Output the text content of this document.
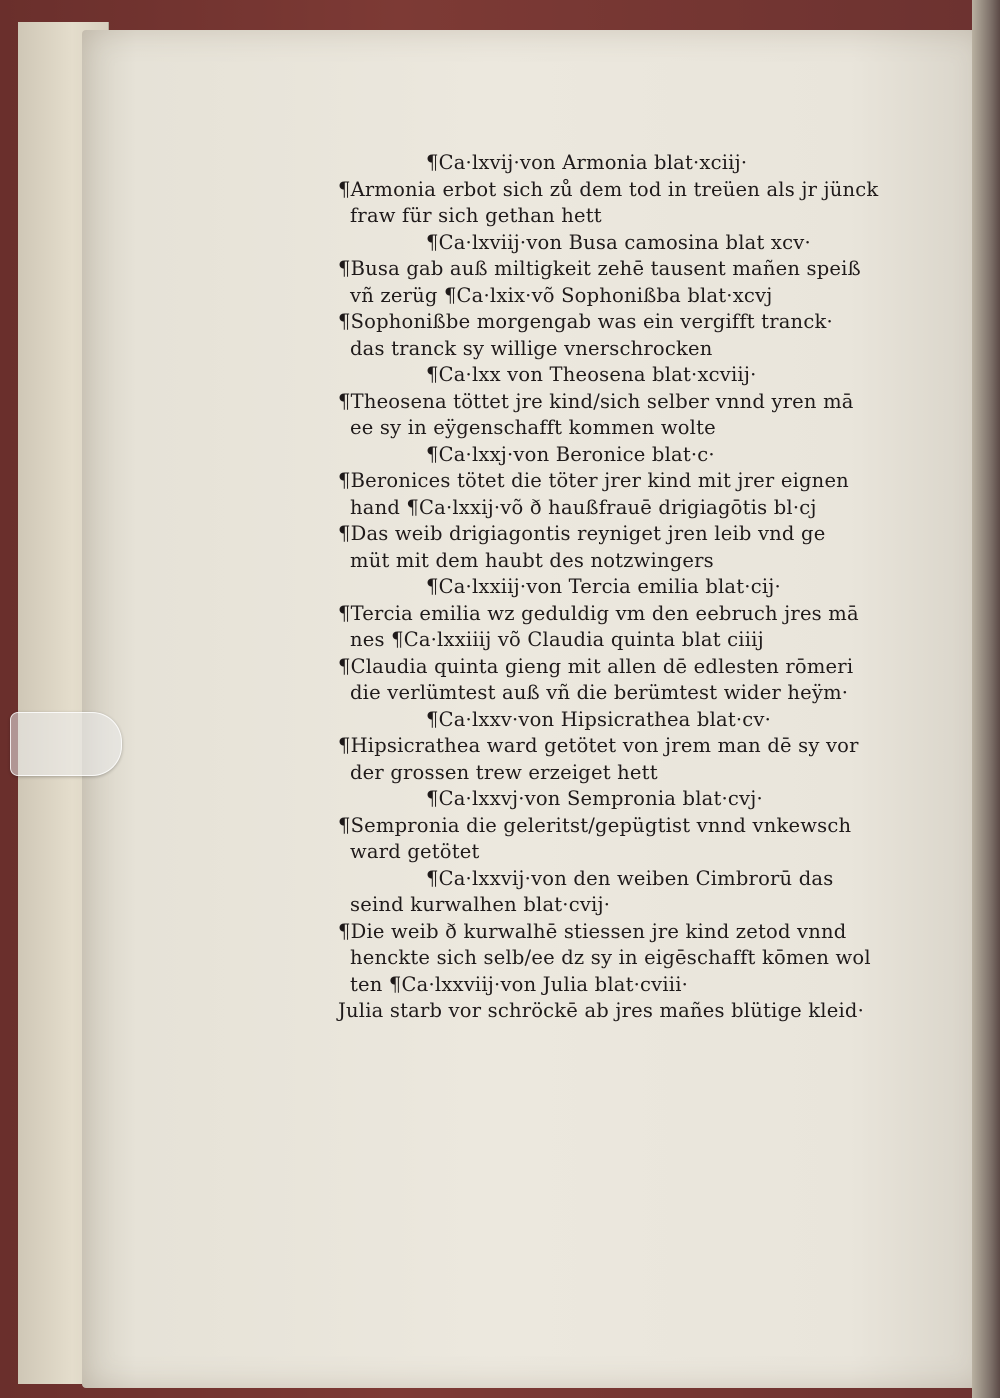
¶Ca·lxvij·von Armonia blat·xciij·
¶Armonia erbot sich zů dem tod in treüen als jr jünck
fraw für sich gethan hett
¶Ca·lxviij·von Busa camosina blat xcv·
¶Busa gab auß miltigkeit zehē tausent mañen speiß
vñ zerüg ¶Ca·lxix·võ Sophonißba blat·xcvj
¶Sophonißbe morgengab was ein vergifft tranck·
das tranck sy willige vnerschrocken
¶Ca·lxx von Theosena blat·xcviij·
¶Theosena töttet jre kind/sich selber vnnd yren mā
ee sy in eÿgenschafft kommen wolte
¶Ca·lxxj·von Beronice blat·c·
¶Beronices tötet die töter jrer kind mit jrer eignen
hand ¶Ca·lxxij·võ ð haußfrauē drigiagōtis bl·cj
¶Das weib drigiagontis reyniget jren leib vnd ge
müt mit dem haubt des notzwingers
¶Ca·lxxiij·von Tercia emilia blat·cij·
¶Tercia emilia wz geduldig vm den eebruch jres mā
nes ¶Ca·lxxiiij võ Claudia quinta blat ciiij
¶Claudia quinta gieng mit allen dē edlesten rōmeri
die verlümtest auß vñ die berümtest wider heÿm·
¶Ca·lxxv·von Hipsicrathea blat·cv·
¶Hipsicrathea ward getötet von jrem man dē sy vor
der grossen trew erzeiget hett
¶Ca·lxxvj·von Sempronia blat·cvj·
¶Sempronia die geleritst/gepügtist vnnd vnkewsch
ward getötet
¶Ca·lxxvij·von den weiben Cimbrorū das
seind kurwalhen blat·cvij·
¶Die weib ð kurwalhē stiessen jre kind zetod vnnd
henckte sich selb/ee dz sy in eigēschafft kōmen wol
ten ¶Ca·lxxviij·von Julia blat·cviii·
Julia starb vor schröckē ab jres mañes blütige kleid·
